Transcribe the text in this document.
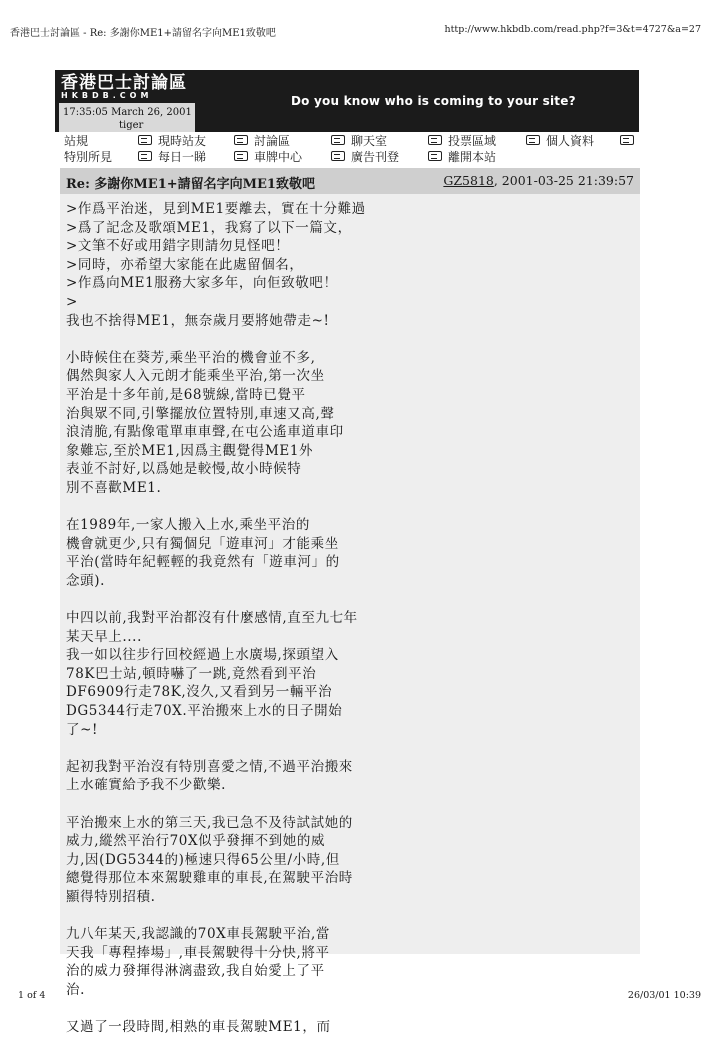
香港巴士討論區 - Re: 多謝你ME1+請留名字向ME1致敬吧	http://www.hkbdb.com/read.php?f=3&t=4727&a=27
香港巴士討論區
HKBDB.COM
17:35:05 March 26, 2001
tiger
Do you know who is coming to your site?
站規	現時站友	討論區	聊天室	投票區域	個人資料
特別所見	每日一睇	車牌中心	廣告刊登	離開本站
Re: 多謝你ME1+請留名字向ME1致敬吧	GZ5818, 2001-03-25 21:39:57
>作爲平治迷，見到ME1要離去，實在十分難過
>爲了記念及歌頌ME1，我寫了以下一篇文，
>文筆不好或用錯字則請勿見怪吧！
>同時，亦希望大家能在此處留個名，
>作爲向ME1服務大家多年，向佢致敬吧！
>
我也不捨得ME1，無奈歲月要將她帶走~!
小時候住在葵芳,乘坐平治的機會並不多,
偶然與家人入元朗才能乘坐平治,第一次坐
平治是十多年前,是68號線,當時已覺平
治與眾不同,引擎擺放位置特別,車速又高,聲
浪清脆,有點像電單車車聲,在屯公遙車道車印
象難忘,至於ME1,因爲主觀覺得ME1外
表並不討好,以爲她是較慢,故小時候特
別不喜歡ME1.
在1989年,一家人搬入上水,乘坐平治的
機會就更少,只有獨個兒「遊車河」才能乘坐
平治(當時年紀輕輕的我竟然有「遊車河」的
念頭).
中四以前,我對平治都沒有什麼感情,直至九七年
某天早上....
我一如以往步行回校經過上水廣場,探頭望入
78K巴士站,頓時嚇了一跳,竟然看到平治
DF6909行走78K,沒久,又看到另一輛平治
DG5344行走70X.平治搬來上水的日子開始
了~!
起初我對平治沒有特別喜愛之情,不過平治搬來
上水確實給予我不少歡樂.
平治搬來上水的第三天,我已急不及待試試她的
威力,縱然平治行70X似乎發揮不到她的威
力,因(DG5344的)極速只得65公里/小時,但
總覺得那位本來駕駛雞車的車長,在駕駛平治時
顯得特別招積.
九八年某天,我認識的70X車長駕駛平治,當
天我「專程捧場」,車長駕駛得十分快,將平
治的威力發揮得淋漓盡致,我自始愛上了平
治.
又過了一段時間,相熟的車長駕駛ME1，而
1 of 4	26/03/01 10:39
